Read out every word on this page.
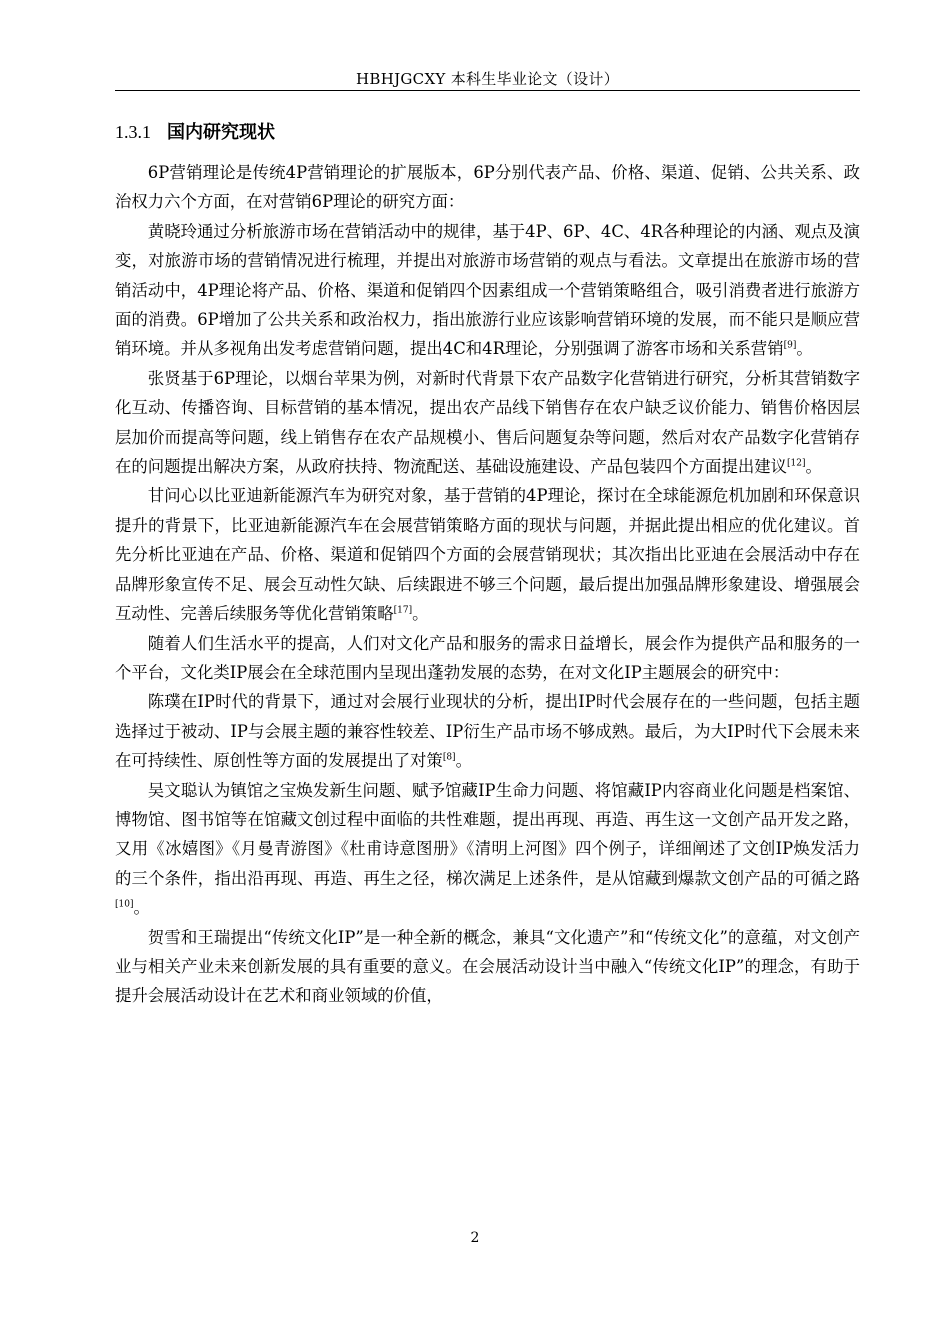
HBHJGCXY 本科生毕业论文（设计）
1.3.1 国内研究现状

6P营销理论是传统4P营销理论的扩展版本，6P分别代表产品、价格、渠道、促销、公共关系、政治权力六个方面，在对营销6P理论的研究方面：

黄晓玲通过分析旅游市场在营销活动中的规律，基于4P、6P、4C、4R各种理论的内涵、观点及演变，对旅游市场的营销情况进行梳理，并提出对旅游市场营销的观点与看法。文章提出在旅游市场的营销活动中，4P理论将产品、价格、渠道和促销四个因素组成一个营销策略组合，吸引消费者进行旅游方面的消费。6P增加了公共关系和政治权力，指出旅游行业应该影响营销环境的发展，而不能只是顺应营销环境。并从多视角出发考虑营销问题，提出4C和4R理论，分别强调了游客市场和关系营销[9]。

张贤基于6P理论，以烟台苹果为例，对新时代背景下农产品数字化营销进行研究，分析其营销数字化互动、传播咨询、目标营销的基本情况，提出农产品线下销售存在农户缺乏议价能力、销售价格因层层加价而提高等问题，线上销售存在农产品规模小、售后问题复杂等问题，然后对农产品数字化营销存在的问题提出解决方案，从政府扶持、物流配送、基础设施建设、产品包装四个方面提出建议[12]。

甘问心以比亚迪新能源汽车为研究对象，基于营销的4P理论，探讨在全球能源危机加剧和环保意识提升的背景下，比亚迪新能源汽车在会展营销策略方面的现状与问题，并据此提出相应的优化建议。首先分析比亚迪在产品、价格、渠道和促销四个方面的会展营销现状；其次指出比亚迪在会展活动中存在品牌形象宣传不足、展会互动性欠缺、后续跟进不够三个问题，最后提出加强品牌形象建设、增强展会互动性、完善后续服务等优化营销策略[17]。

随着人们生活水平的提高，人们对文化产品和服务的需求日益增长，展会作为提供产品和服务的一个平台，文化类IP展会在全球范围内呈现出蓬勃发展的态势，在对文化IP主题展会的研究中：

陈璞在IP时代的背景下，通过对会展行业现状的分析，提出IP时代会展存在的一些问题，包括主题选择过于被动、IP与会展主题的兼容性较差、IP衍生产品市场不够成熟。最后，为大IP时代下会展未来在可持续性、原创性等方面的发展提出了对策[8]。

吴文聪认为镇馆之宝焕发新生问题、赋予馆藏IP生命力问题、将馆藏IP内容商业化问题是档案馆、博物馆、图书馆等在馆藏文创过程中面临的共性难题，提出再现、再造、再生这一文创产品开发之路，又用《冰嬉图》《月曼青游图》《杜甫诗意图册》《清明上河图》四个例子，详细阐述了文创IP焕发活力的三个条件，指出沿再现、再造、再生之径，梯次满足上述条件，是从馆藏到爆款文创产品的可循之路[10]。

贺雪和王瑞提出“传统文化IP”是一种全新的概念，兼具“文化遗产”和“传统文化”的意蕴，对文创产业与相关产业未来创新发展的具有重要的意义。在会展活动设计当中融入“传统文化IP”的理念，有助于提升会展活动设计在艺术和商业领域的价值，

2
